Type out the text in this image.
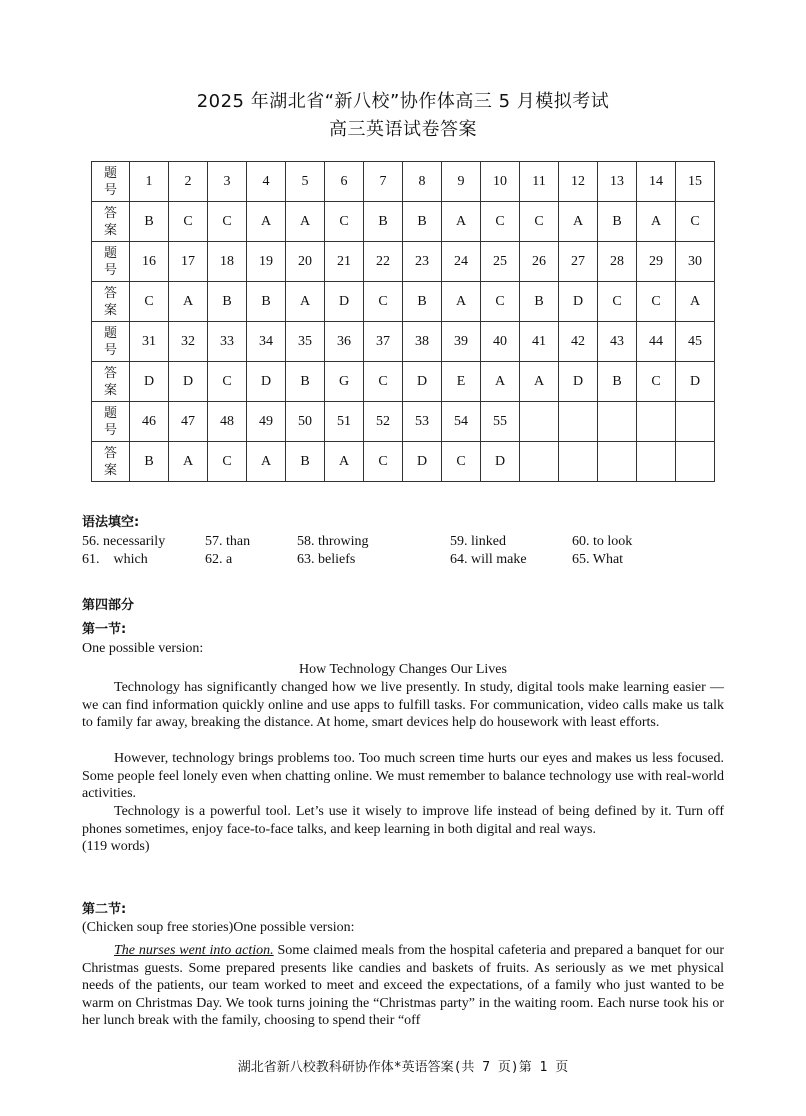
2025 年湖北省“新八校”协作体高三 5 月模拟考试
高三英语试卷答案
题
号	1	2	3	4	5	6	7	8	9	10	11	12	13	14	15

答
案	B	C	C	A	A	C	B	B	A	C	C	A	B	A	C

题
号	16	17	18	19	20	21	22	23	24	25	26	27	28	29	30

答
案	C	A	B	B	A	D	C	B	A	C	B	D	C	C	A

题
号	31	32	33	34	35	36	37	38	39	40	41	42	43	44	45

答
案	D	D	C	D	B	G	C	D	E	A	A	D	B	C	D

题
号	46	47	48	49	50	51	52	53	54	55					

答
案	B	A	C	A	B	A	C	D	C	D					
语法填空:
56. necessarily	57. than	58. throwing	59. linked	60. to look
61.    which	62. a	63. beliefs	64. will make	65. What
第四部分
第一节:
One possible version:
How Technology Changes Our Lives

Technology has significantly changed how we live presently. In study, digital tools make learning easier — we can find information quickly online and use apps to fulfill tasks. For communication, video calls make us talk to family far away, breaking the distance. At home, smart devices help do housework with least efforts.

However, technology brings problems too. Too much screen time hurts our eyes and makes us less focused. Some people feel lonely even when chatting online. We must remember to balance technology use with real-world activities.

Technology is a powerful tool. Let’s use it wisely to improve life instead of being defined by it. Turn off phones sometimes, enjoy face-to-face talks, and keep learning in both digital and real ways.

(119 words)
第二节:
(Chicken soup free stories)One possible version:

The nurses went into action. Some claimed meals from the hospital cafeteria and prepared a banquet for our Christmas guests. Some prepared presents like candies and baskets of fruits. As seriously as we met physical needs of the patients, our team worked to meet and exceed the expectations, of a family who just wanted to be warm on Christmas Day. We took turns joining the “Christmas party” in the waiting room. Each nurse took his or her lunch break with the family, choosing to spend their “off

湖北省新八校教科研协作体*英语答案(共 7 页)第 1 页
